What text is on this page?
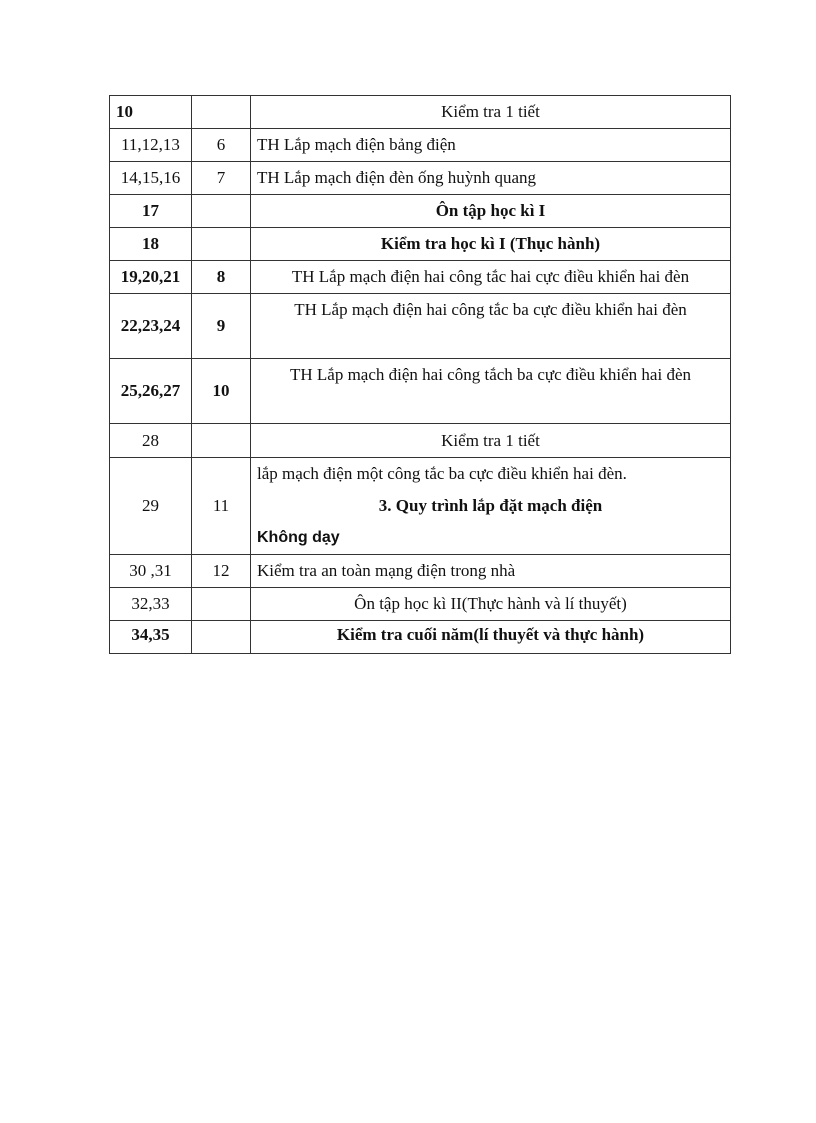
10		Kiểm tra 1 tiết
11,12,13	6	TH Lắp mạch điện bảng điện
14,15,16	7	TH Lắp mạch điện đèn ống huỳnh quang
17		Ôn tập học kì I
18		Kiểm tra học kì I (Thục hành)
19,20,21	8	TH Lắp mạch điện hai công tắc hai cực điều khiển hai đèn
22,23,24	9	TH Lắp mạch điện hai công tắc ba cực điều khiển hai đèn
25,26,27	10	TH Lắp mạch điện hai công tắch ba cực điều khiển hai đèn
28		Kiểm tra 1 tiết
29	11	lắp mạch điện một công tắc ba cực điều khiển hai đèn.

3. Quy trình lắp đặt mạch điện

Không dạy

30 ,31	12	Kiểm tra an toàn mạng điện trong nhà
32,33		Ôn tập học kì II(Thực hành và lí thuyết)
34,35		Kiểm tra cuối năm(lí thuyết và thực hành)
